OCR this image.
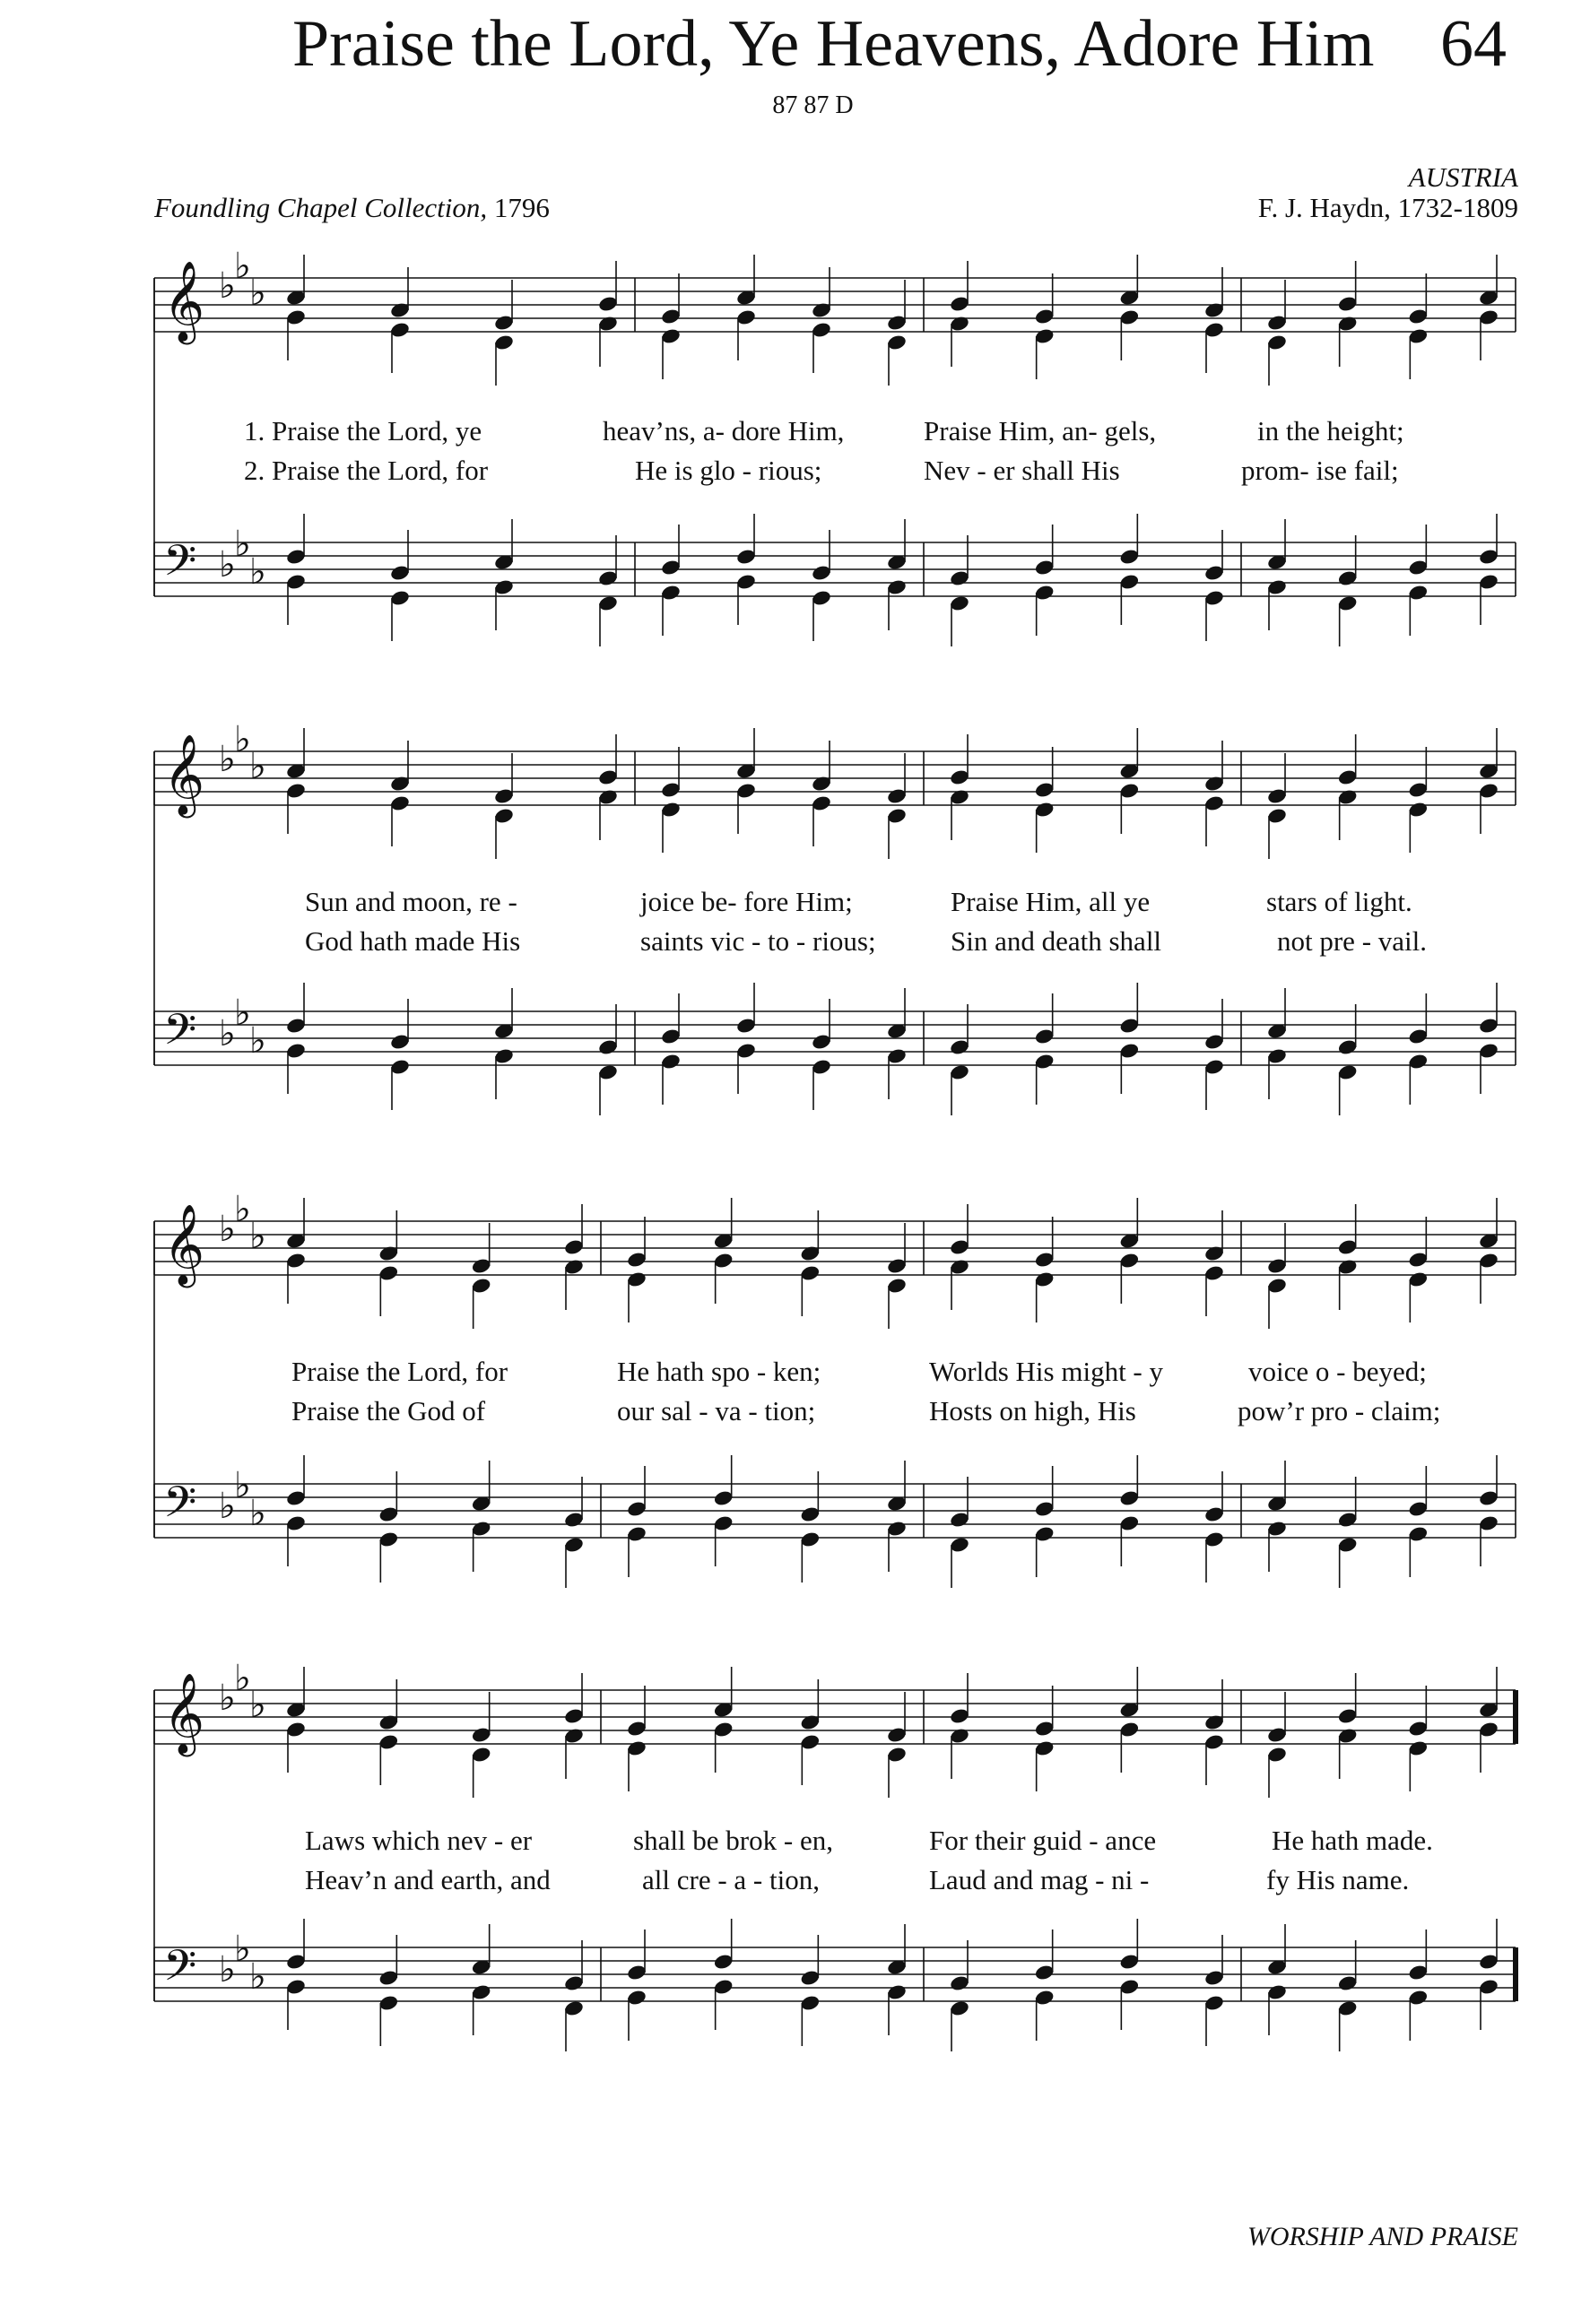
Praise the Lord, Ye Heavens, Adore Him 64
87 87 D
AUSTRIA
Foundling Chapel Collection, 1796	F. J. Haydn, 1732-1809
𝄞 ♭
♭
♭
𝄢 ♭
♭
♭
𝄞 ♭
♭
♭
𝄢 ♭
♭
♭
𝄞 ♭
♭
♭
𝄢 ♭
♭
♭
𝄞 ♭
♭
♭
𝄢 ♭
♭
♭
1. Praise the Lord, ye	heav’ns, a- dore Him,	Praise Him, an- gels,	in the height;
2. Praise the Lord, for	He is glo - rious;	Nev - er shall His	prom- ise fail;
Sun and moon, re -	joice be- fore Him;	Praise Him, all ye	stars of light.
God hath made His	saints vic - to - rious;	Sin and death shall	not pre - vail.
Praise the Lord, for	He hath spo - ken;	Worlds His might - y	voice o - beyed;
Praise the God of	our sal - va - tion;	Hosts on high, His	pow’r pro - claim;
Laws which nev - er	shall be brok - en,	For their guid - ance	He hath made.
Heav’n and earth, and	all cre - a - tion,	Laud and mag - ni -	fy His name.
WORSHIP AND PRAISE
